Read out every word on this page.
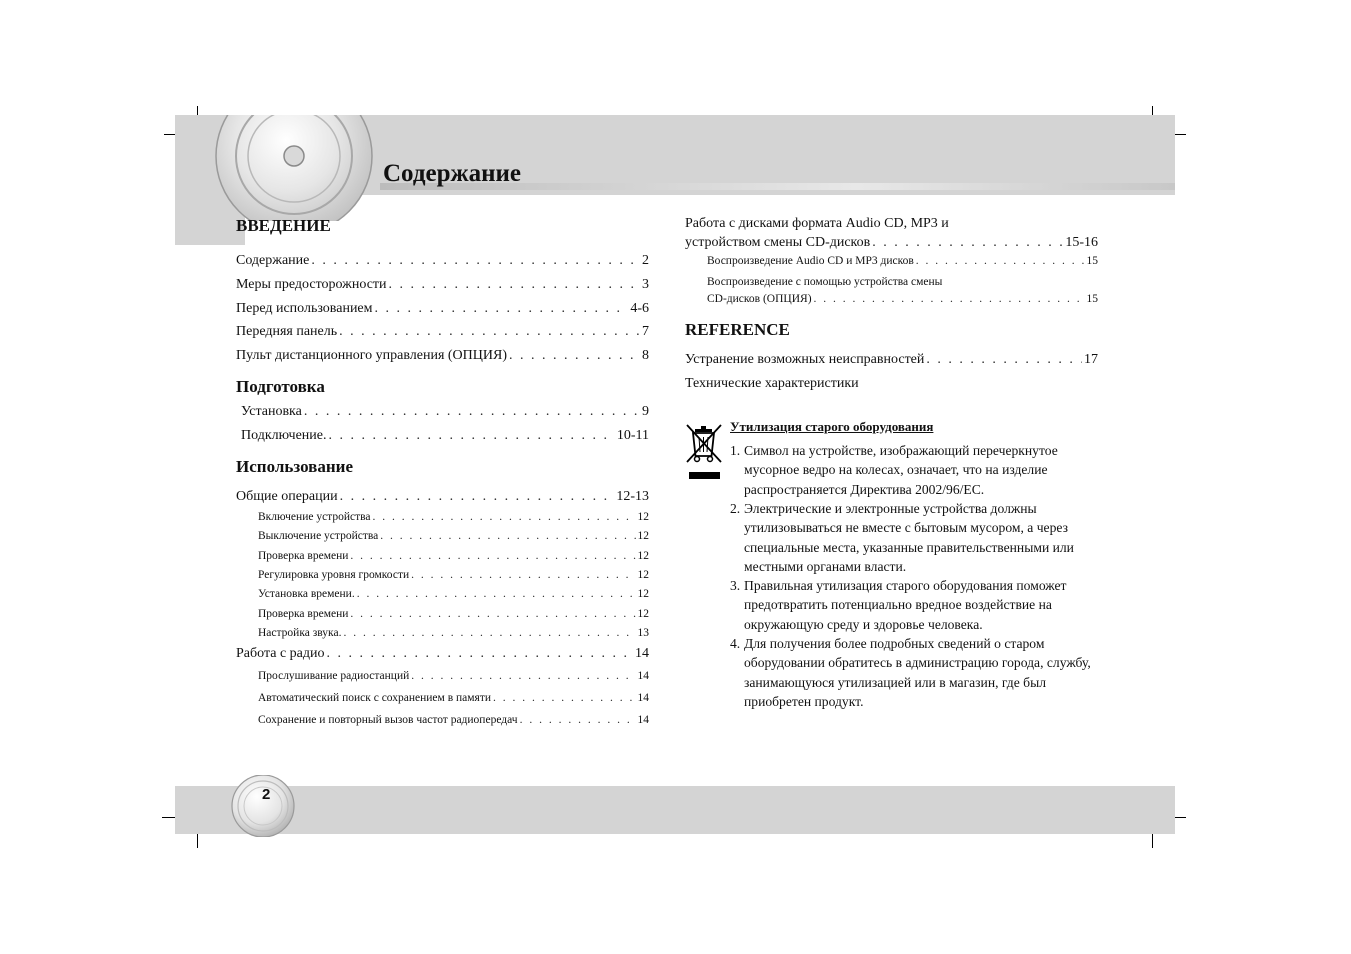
Содержание
ВВЕДЕНИЕ
Содержание . . .	2
Меры предосторожности . . .	3
Перед использованием . . .	4-6
Передняя панель . . .	7
Пульт дистанционного управления (ОПЦИЯ) . . .	8
Подготовка
Установка . . .	9
Подключение. . . .	10-11
Использование
Общие операции . . .	12-13
Включение устройства . . .	12
Выключение устройства . . .	12
Проверка времени . . .	12
Регулировка уровня громкости . . .	12
Установка времени. . . .	12
Проверка времени . . .	12
Настройка звука. . . .	13
Работа с радио . . .	14
Прослушивание радиостанций . . .	14
Автоматический поиск с сохранением в памяти . . .	14
Сохранение и повторный вызов частот радиопередач . . .	14
Работа с дисками формата Audio CD, MP3 и
устройством смены CD-дисков . . .	15-16
Воспроизведение Audio CD и MP3 дисков . . .	15
Воспроизведение с помощью устройства смены
CD-дисков (ОПЦИЯ) . . .	15
REFERENCE
Устранение возможных неисправностей . . .	17
Технические характеристики
Утилизация старого оборудования
1. Символ на устройстве, изображающий перечеркнутое мусорное ведро на колесах, означает, что на изделие распространяется Директива 2002/96/EC.
2. Электрические и электронные устройства должны утилизовываться не вместе с бытовым мусором, а через специальные места, указанные правительственными или местными органами власти.
3. Правильная утилизация старого оборудования поможет предотвратить потенциально вредное воздействие на окружающую среду и здоровье человека.
4. Для получения более подробных сведений о старом оборудовании обратитесь в администрацию города, службу, занимающуюся утилизацией или в магазин, где был приобретен продукт.
2
